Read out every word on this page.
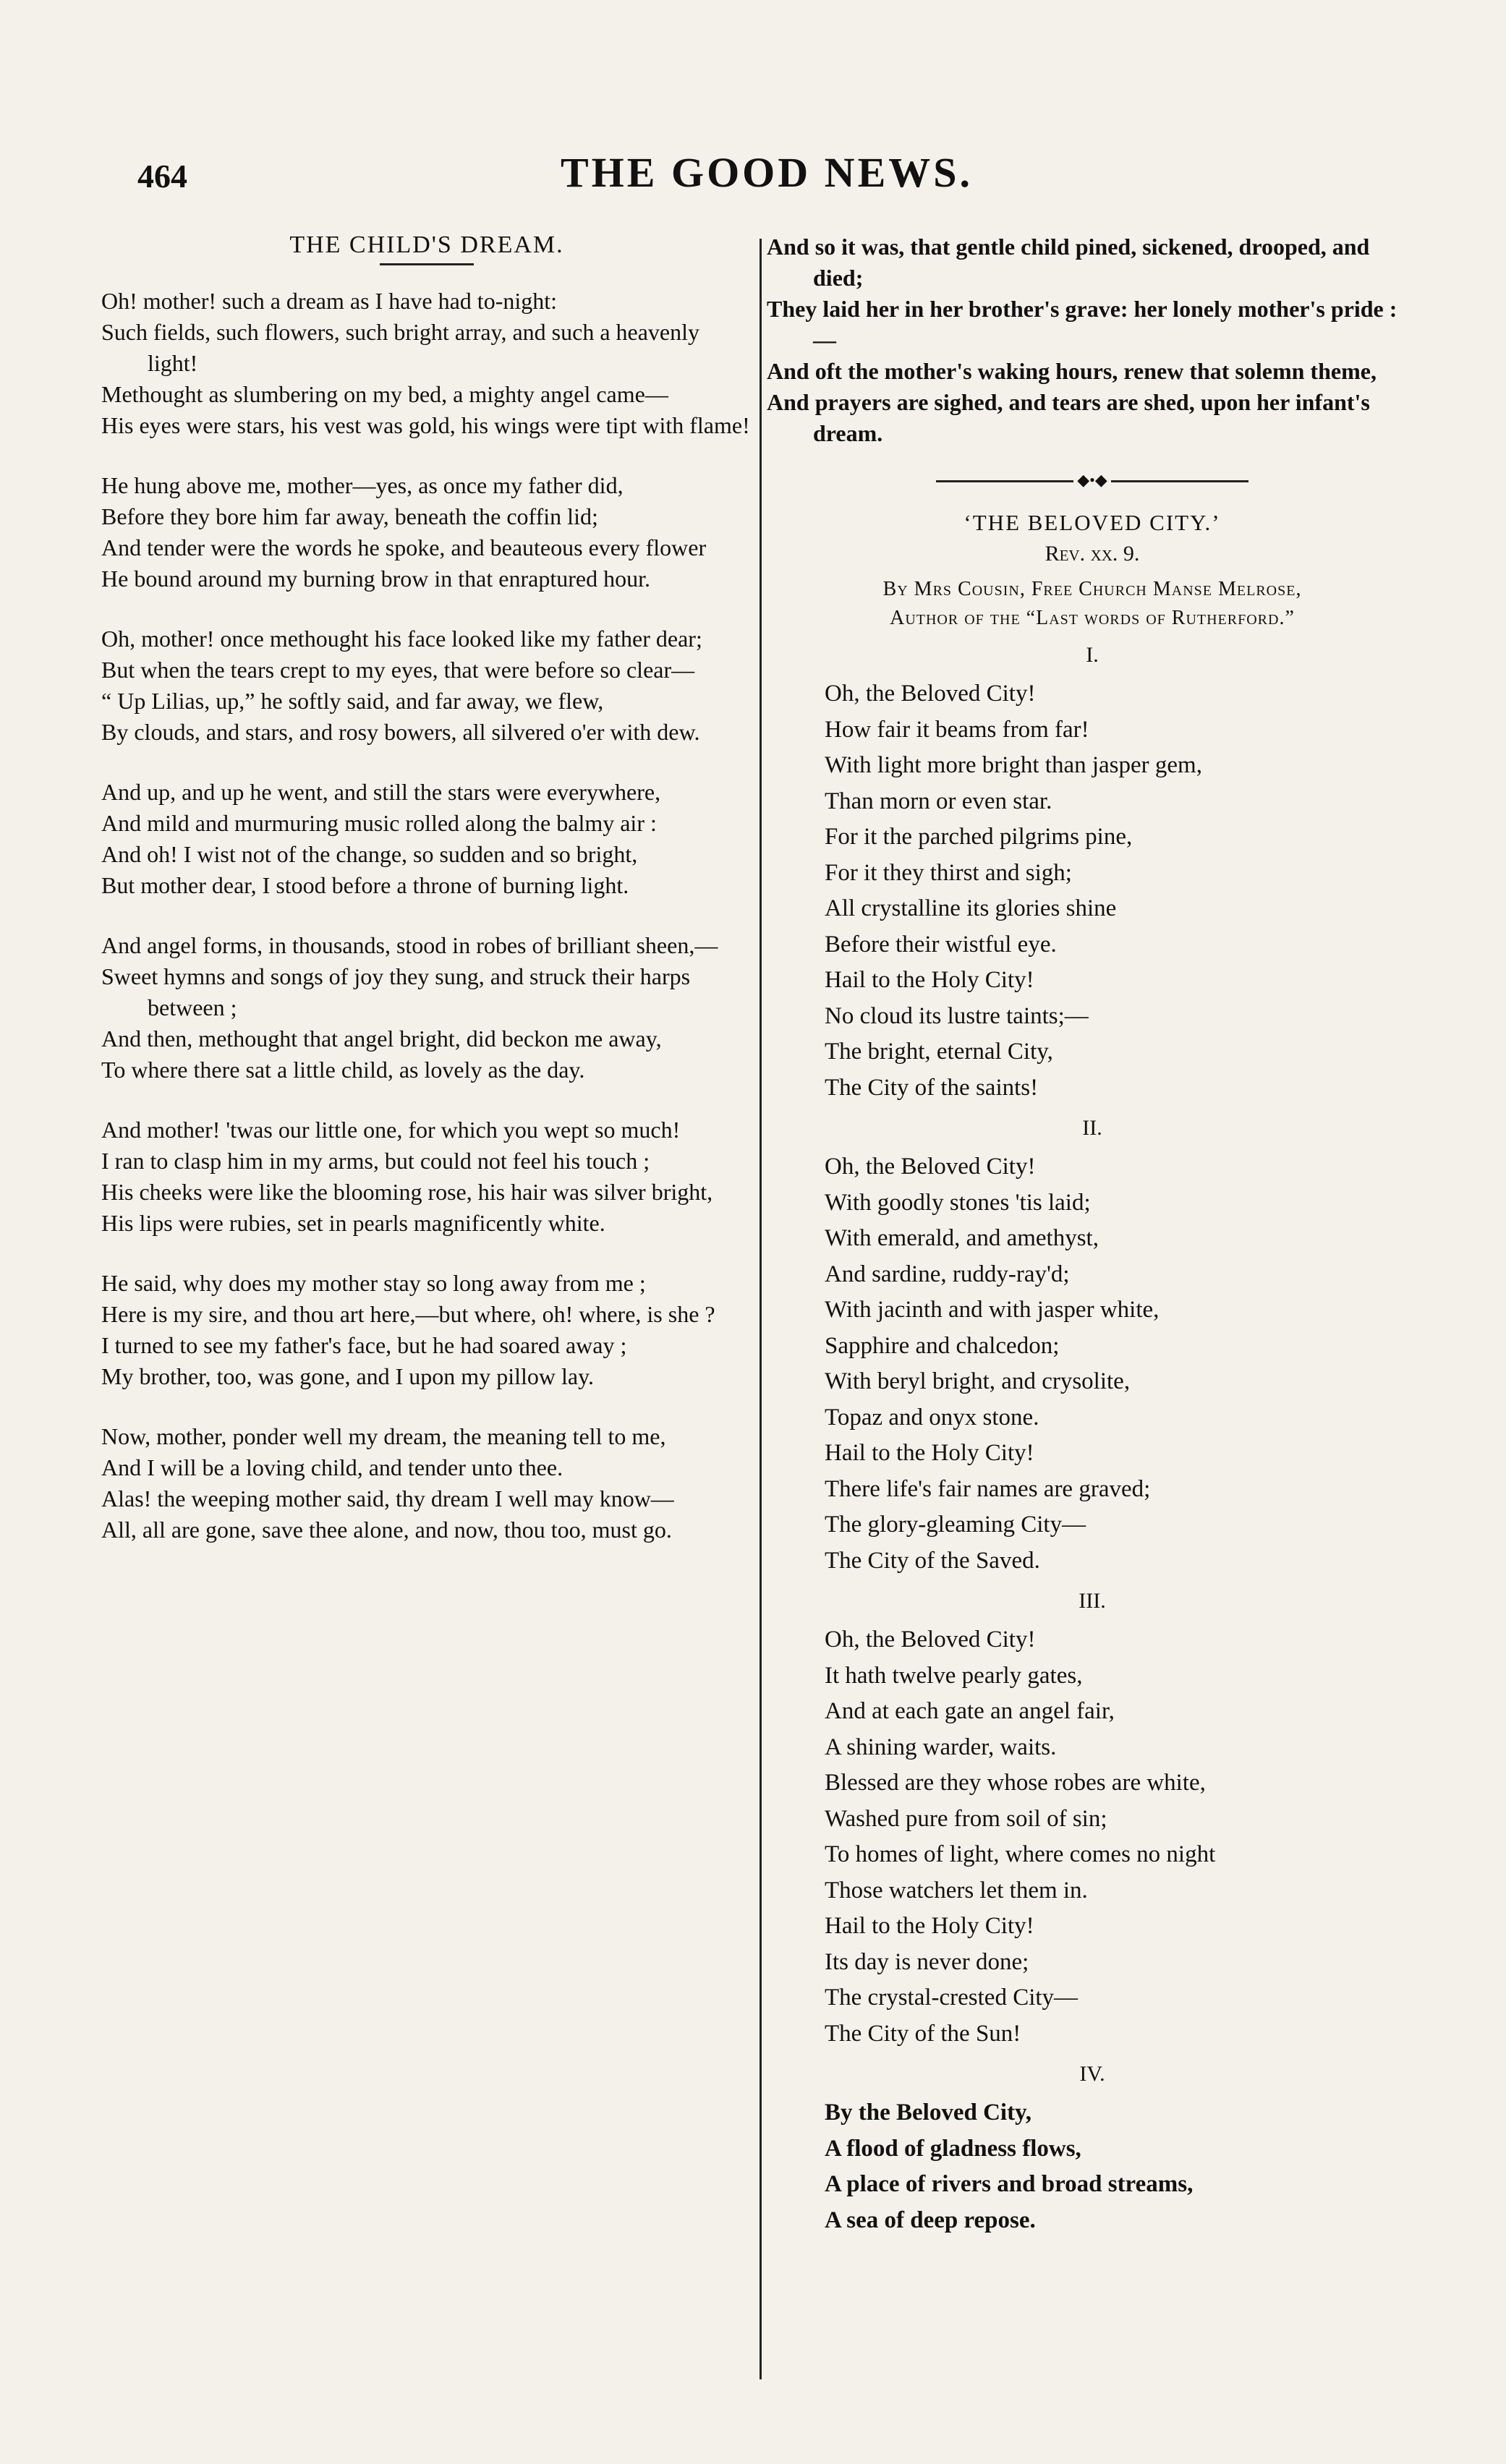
464	THE GOOD NEWS.
THE CHILD'S DREAM.

Oh! mother! such a dream as I have had to-night:

Such fields, such flowers, such bright array, and such a heavenly light!

Methought as slumbering on my bed, a mighty angel came—

His eyes were stars, his vest was gold, his wings were tipt with flame!

He hung above me, mother—yes, as once my father did,

Before they bore him far away, beneath the coffin lid;

And tender were the words he spoke, and beauteous every flower

He bound around my burning brow in that enraptured hour.

Oh, mother! once methought his face looked like my father dear;

But when the tears crept to my eyes, that were before so clear—

“ Up Lilias, up,” he softly said, and far away, we flew,

By clouds, and stars, and rosy bowers, all silvered o'er with dew.

And up, and up he went, and still the stars were everywhere,

And mild and murmuring music rolled along the balmy air :

And oh! I wist not of the change, so sudden and so bright,

But mother dear, I stood before a throne of burning light.

And angel forms, in thousands, stood in robes of brilliant sheen,—

Sweet hymns and songs of joy they sung, and struck their harps between ;

And then, methought that angel bright, did beckon me away,

To where there sat a little child, as lovely as the day.

And mother! 'twas our little one, for which you wept so much!

I ran to clasp him in my arms, but could not feel his touch ;

His cheeks were like the blooming rose, his hair was silver bright,

His lips were rubies, set in pearls magnificently white.

He said, why does my mother stay so long away from me ;

Here is my sire, and thou art here,—but where, oh! where, is she ?

I turned to see my father's face, but he had soared away ;

My brother, too, was gone, and I upon my pillow lay.

Now, mother, ponder well my dream, the meaning tell to me,

And I will be a loving child, and tender unto thee.

Alas! the weeping mother said, thy dream I well may know—

All, all are gone, save thee alone, and now, thou too, must go.

And so it was, that gentle child pined, sickened, drooped, and died;

They laid her in her brother's grave: her lonely mother's pride :—

And oft the mother's waking hours, renew that solemn theme,

And prayers are sighed, and tears are shed, upon her infant's dream.

◆•◆
‘THE BELOVED CITY.’
Rev. xx. 9.
By Mrs Cousin, Free Church Manse Melrose,
Author of the “Last words of Rutherford.”
I.

Oh, the Beloved City!

How fair it beams from far!

With light more bright than jasper gem,

Than morn or even star.

For it the parched pilgrims pine,

For it they thirst and sigh;

All crystalline its glories shine

Before their wistful eye.

Hail to the Holy City!

No cloud its lustre taints;—

The bright, eternal City,

The City of the saints!

II.

Oh, the Beloved City!

With goodly stones 'tis laid;

With emerald, and amethyst,

And sardine, ruddy-ray'd;

With jacinth and with jasper white,

Sapphire and chalcedon;

With beryl bright, and crysolite,

Topaz and onyx stone.

Hail to the Holy City!

There life's fair names are graved;

The glory-gleaming City—

The City of the Saved.

III.

Oh, the Beloved City!

It hath twelve pearly gates,

And at each gate an angel fair,

A shining warder, waits.

Blessed are they whose robes are white,

Washed pure from soil of sin;

To homes of light, where comes no night

Those watchers let them in.

Hail to the Holy City!

Its day is never done;

The crystal-crested City—

The City of the Sun!

IV.

By the Beloved City,

A flood of gladness flows,

A place of rivers and broad streams,

A sea of deep repose.
